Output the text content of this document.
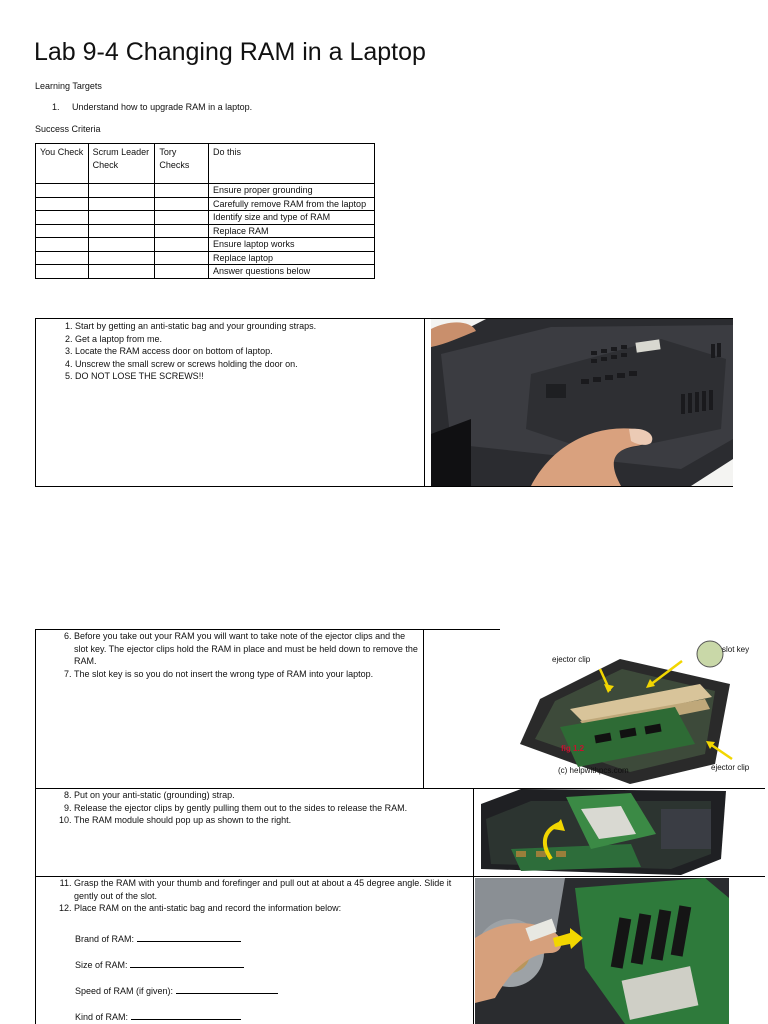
Lab 9-4 Changing RAM in a Laptop
Learning Targets
1.     Understand how to upgrade RAM in a laptop.
Success Criteria
You Check	Scrum Leader Check	Tory Checks	Do this
			Ensure proper grounding
			Carefully remove RAM from the laptop
			Identify size and type of RAM
			Replace RAM
			Ensure laptop works
			Replace laptop
			Answer questions below
1. Start by getting an anti-static bag and your grounding straps.
2. Get a laptop from me.
3. Locate the RAM access door on bottom of laptop.
4. Unscrew the small screw or screws holding the door on.
5. DO NOT LOSE THE SCREWS!!
6. Before you take out your RAM you will want to take note of the ejector clips and the slot key. The ejector clips hold the RAM in place and must be held down to remove the RAM.
7. The slot key is so you do not insert the wrong type of RAM into your laptop.
ejector clip
slot key
fig 1.2
(c) helpwithpcs.com	ejector clip
8. Put on your anti-static (grounding) strap.
9. Release the ejector clips by gently pulling them out to the sides to release the RAM.
10. The RAM module should pop up as shown to the right.
11. Grasp the RAM with your thumb and forefinger and pull out at about a 45 degree angle. Slide it gently out of the slot.
12. Place RAM on the anti-static bag and record the information below:
Brand of RAM:
Size of RAM:
Speed of RAM (if given):
Kind of RAM:
